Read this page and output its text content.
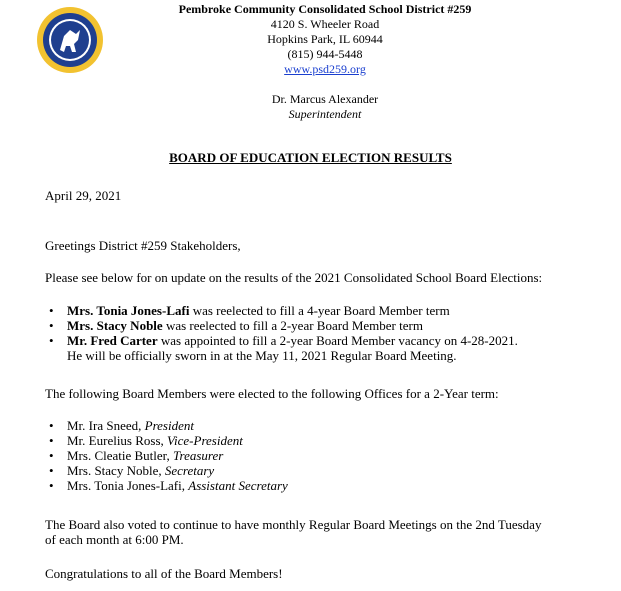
Pembroke Community Consolidated School District #259
4120 S. Wheeler Road
Hopkins Park, IL 60944
(815) 944-5448
www.psd259.org
Dr. Marcus Alexander
Superintendent
BOARD OF EDUCATION ELECTION RESULTS
April 29, 2021
Greetings District #259 Stakeholders,
Please see below for on update on the results of the 2021 Consolidated School Board Elections:
• Mrs. Tonia Jones-Lafi was reelected to fill a 4-year Board Member term
• Mrs. Stacy Noble was reelected to fill a 2-year Board Member term
• Mr. Fred Carter was appointed to fill a 2-year Board Member vacancy on 4-28-2021.
He will be officially sworn in at the May 11, 2021 Regular Board Meeting.
The following Board Members were elected to the following Offices for a 2-Year term:
• Mr. Ira Sneed, President
• Mr. Eurelius Ross, Vice-President
• Mrs. Cleatie Butler, Treasurer
• Mrs. Stacy Noble, Secretary
• Mrs. Tonia Jones-Lafi, Assistant Secretary
The Board also voted to continue to have monthly Regular Board Meetings on the 2nd Tuesday
of each month at 6:00 PM.
Congratulations to all of the Board Members!
